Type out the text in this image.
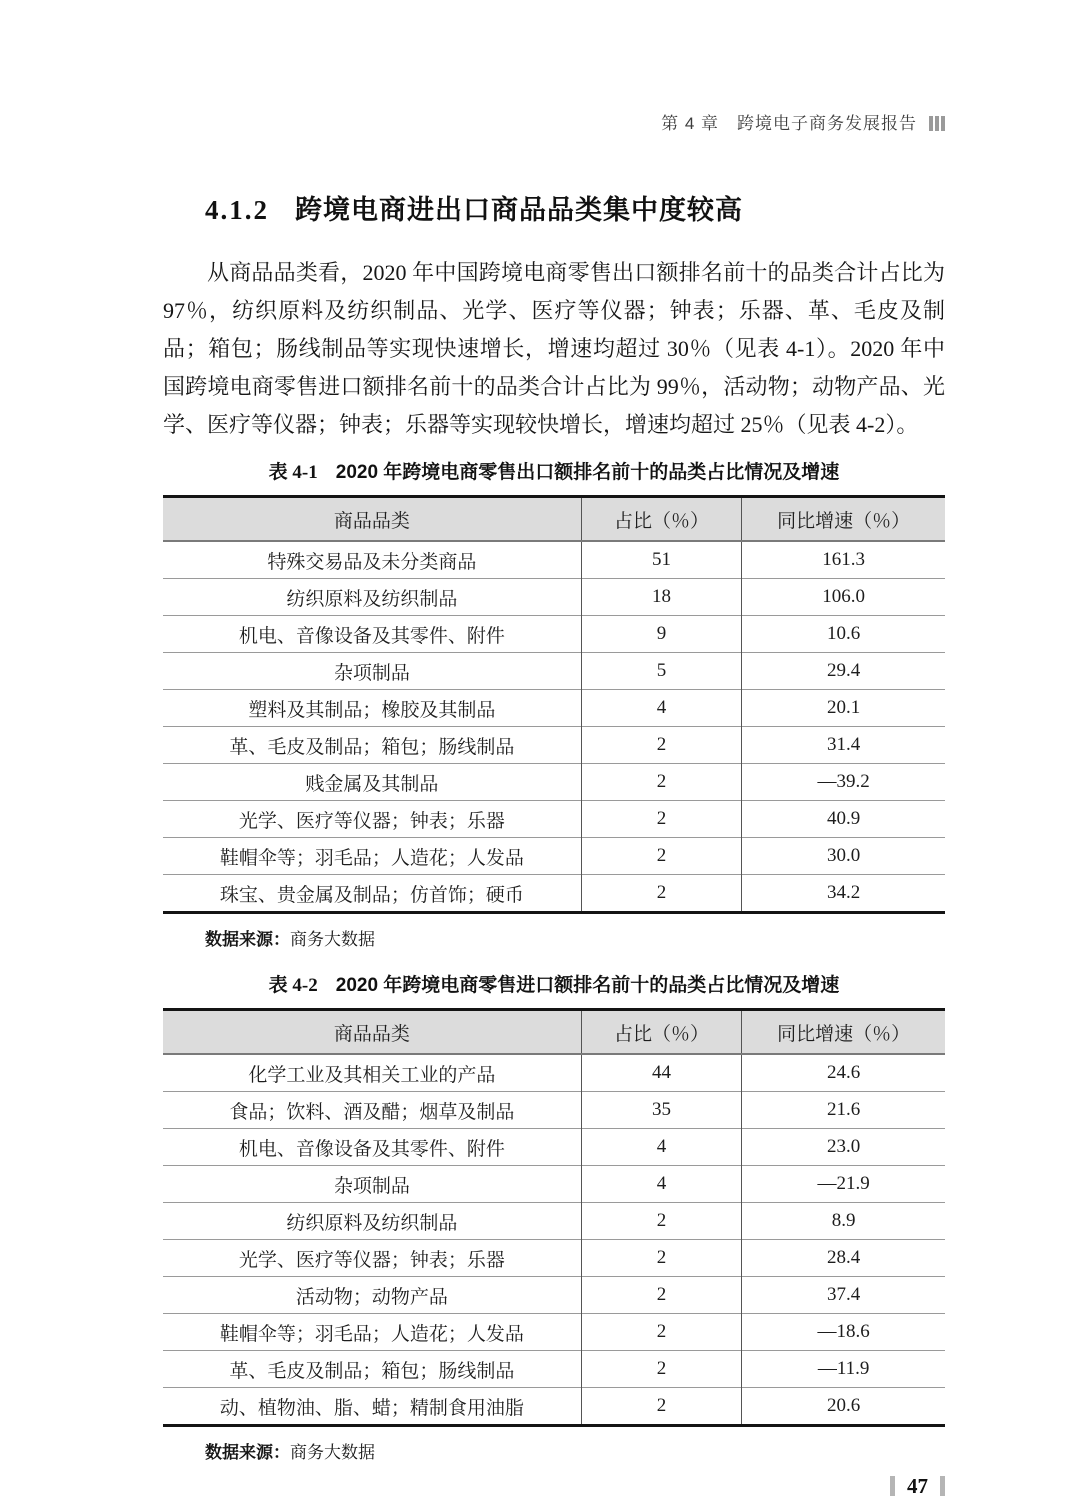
第 4 章　跨境电子商务发展报告
4.1.2 跨境电商进出口商品品类集中度较高
从商品品类看，2020 年中国跨境电商零售出口额排名前十的品类合计占比为 97％，纺织原料及纺织制品、光学、医疗等仪器；钟表；乐器、革、毛皮及制品；箱包；肠线制品等实现快速增长，增速均超过 30％（见表 4-1）。2020 年中国跨境电商零售进口额排名前十的品类合计占比为 99％，活动物；动物产品、光学、医疗等仪器；钟表；乐器等实现较快增长，增速均超过 25％（见表 4-2）。
表 4-1 2020 年跨境电商零售出口额排名前十的品类占比情况及增速
商品品类	占比（％）	同比增速（％）
特殊交易品及未分类商品	51	161.3
纺织原料及纺织制品	18	106.0
机电、音像设备及其零件、附件	9	10.6
杂项制品	5	29.4
塑料及其制品；橡胶及其制品	4	20.1
革、毛皮及制品；箱包；肠线制品	2	31.4
贱金属及其制品	2	—39.2
光学、医疗等仪器；钟表；乐器	2	40.9
鞋帽伞等；羽毛品；人造花；人发品	2	30.0
珠宝、贵金属及制品；仿首饰；硬币	2	34.2
数据来源：商务大数据
表 4-2 2020 年跨境电商零售进口额排名前十的品类占比情况及增速
商品品类	占比（％）	同比增速（％）
化学工业及其相关工业的产品	44	24.6
食品；饮料、酒及醋；烟草及制品	35	21.6
机电、音像设备及其零件、附件	4	23.0
杂项制品	4	—21.9
纺织原料及纺织制品	2	8.9
光学、医疗等仪器；钟表；乐器	2	28.4
活动物；动物产品	2	37.4
鞋帽伞等；羽毛品；人造花；人发品	2	—18.6
革、毛皮及制品；箱包；肠线制品	2	—11.9
动、植物油、脂、蜡；精制食用油脂	2	20.6
数据来源：商务大数据
47
